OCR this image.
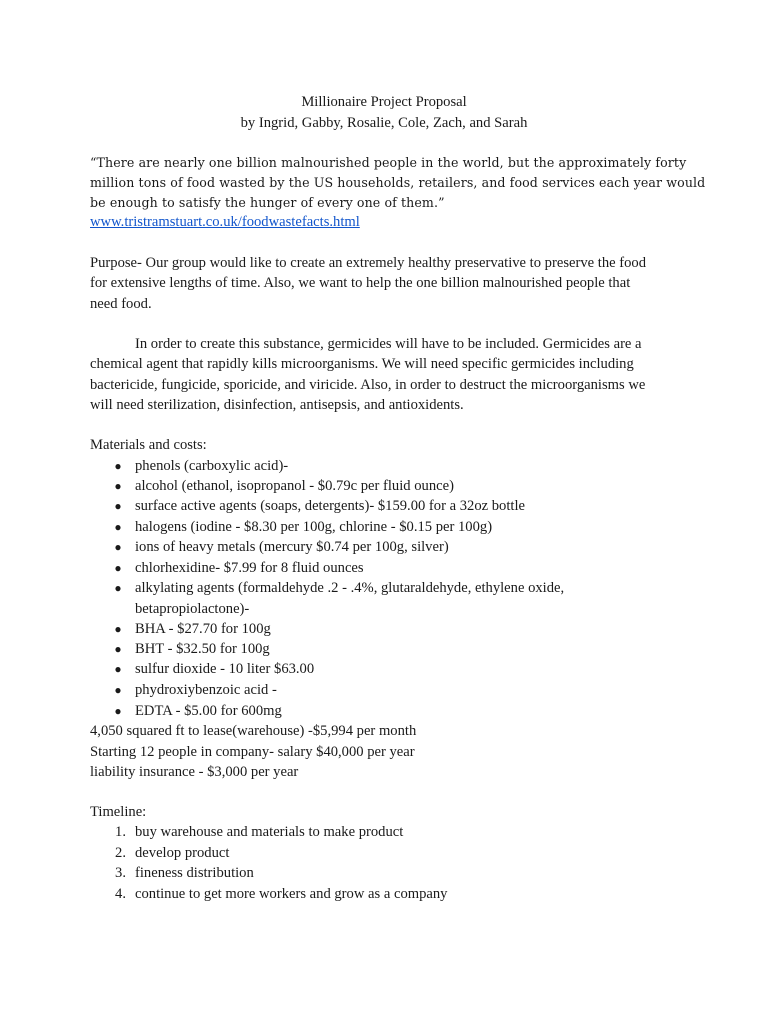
Millionaire Project Proposal
by Ingrid, Gabby, Rosalie, Cole, Zach, and Sarah
“There are nearly one billion malnourished people in the world, but the approximately forty
million tons of food wasted by the US households, retailers, and food services each year would
be enough to satisfy the hunger of every one of them.”
www.tristramstuart.co.uk/foodwastefacts.html
Purpose- Our group would like to create an extremely healthy preservative to preserve the food
for extensive lengths of time. Also, we want to help the one billion malnourished people that
need food.
In order to create this substance, germicides will have to be included. Germicides are a
chemical agent that rapidly kills microorganisms. We will need specific germicides including
bactericide, fungicide, sporicide, and viricide. Also, in order to destruct the microorganisms we
will need sterilization, disinfection, antisepsis, and antioxidents.
Materials and costs:
● phenols (carboxylic acid)-
● alcohol (ethanol, isopropanol - $0.79c per fluid ounce)
● surface active agents (soaps, detergents)- $159.00 for a 32oz bottle
● halogens (iodine - $8.30 per 100g, chlorine - $0.15 per 100g)
● ions of heavy metals (mercury $0.74 per 100g, silver)
● chlorhexidine- $7.99 for 8 fluid ounces
● alkylating agents (formaldehyde .2 - .4%, glutaraldehyde, ethylene oxide,
betapropiolactone)-
● BHA - $27.70 for 100g
● BHT - $32.50 for 100g
● sulfur dioxide - 10 liter $63.00
● phydroxiybenzoic acid -
● EDTA - $5.00 for 600mg
4,050 squared ft to lease(warehouse) -$5,994 per month
Starting 12 people in company- salary $40,000 per year
liability insurance - $3,000 per year
Timeline:
1. buy warehouse and materials to make product
2. develop product
3. fineness distribution
4. continue to get more workers and grow as a company
